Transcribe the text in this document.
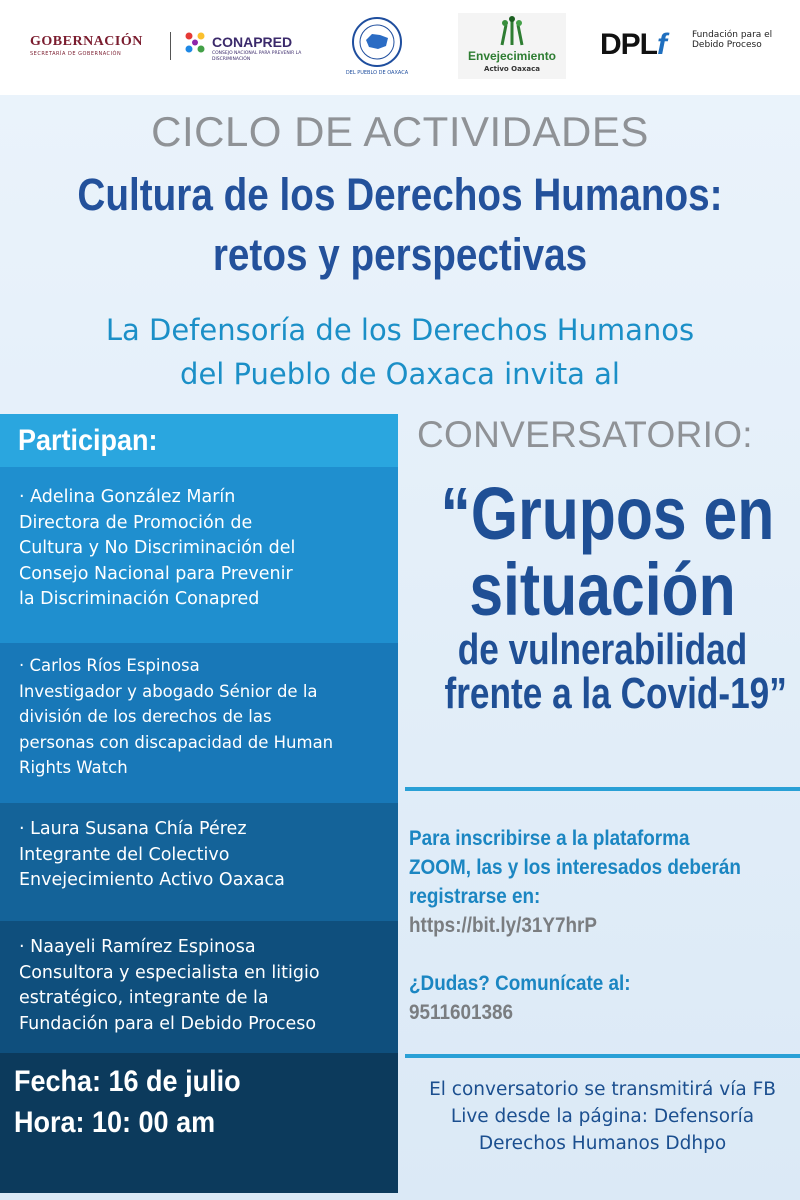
GOBERNACIÓN
SECRETARÍA DE GOBERNACIÓN
CONAPRED
CONSEJO NACIONAL PARA PREVENIR LA DISCRIMINACIÓN
DEL PUEBLO DE OAXACA
Envejecimiento
Activo Oaxaca
DPLf	Fundación para el Debido Proceso
CICLO DE ACTIVIDADES
Cultura de los Derechos Humanos:
retos y perspectivas
La Defensoría de los Derechos Humanos
del Pueblo de Oaxaca invita al
Participan:
· Adelina González Marín
Directora de Promoción de
Cultura y No Discriminación del
Consejo Nacional para Prevenir
la Discriminación Conapred
· Carlos Ríos Espinosa
Investigador y abogado Sénior de la
división de los derechos de las
personas con discapacidad de Human
Rights Watch
· Laura Susana Chía Pérez
Integrante del Colectivo
Envejecimiento Activo Oaxaca
· Naayeli Ramírez Espinosa
Consultora y especialista en litigio
estratégico, integrante de la
Fundación para el Debido Proceso
Fecha: 16 de julio
Hora: 10: 00 am
CONVERSATORIO:
“Grupos en
situación
de vulnerabilidad
frente a la Covid-19”
Para inscribirse a la plataforma
ZOOM, las y los interesados deberán
registrarse en:
https://bit.ly/31Y7hrP
¿Dudas? Comunícate al:
9511601386
El conversatorio se transmitirá vía FB
Live desde la página: Defensoría
Derechos Humanos Ddhpo
